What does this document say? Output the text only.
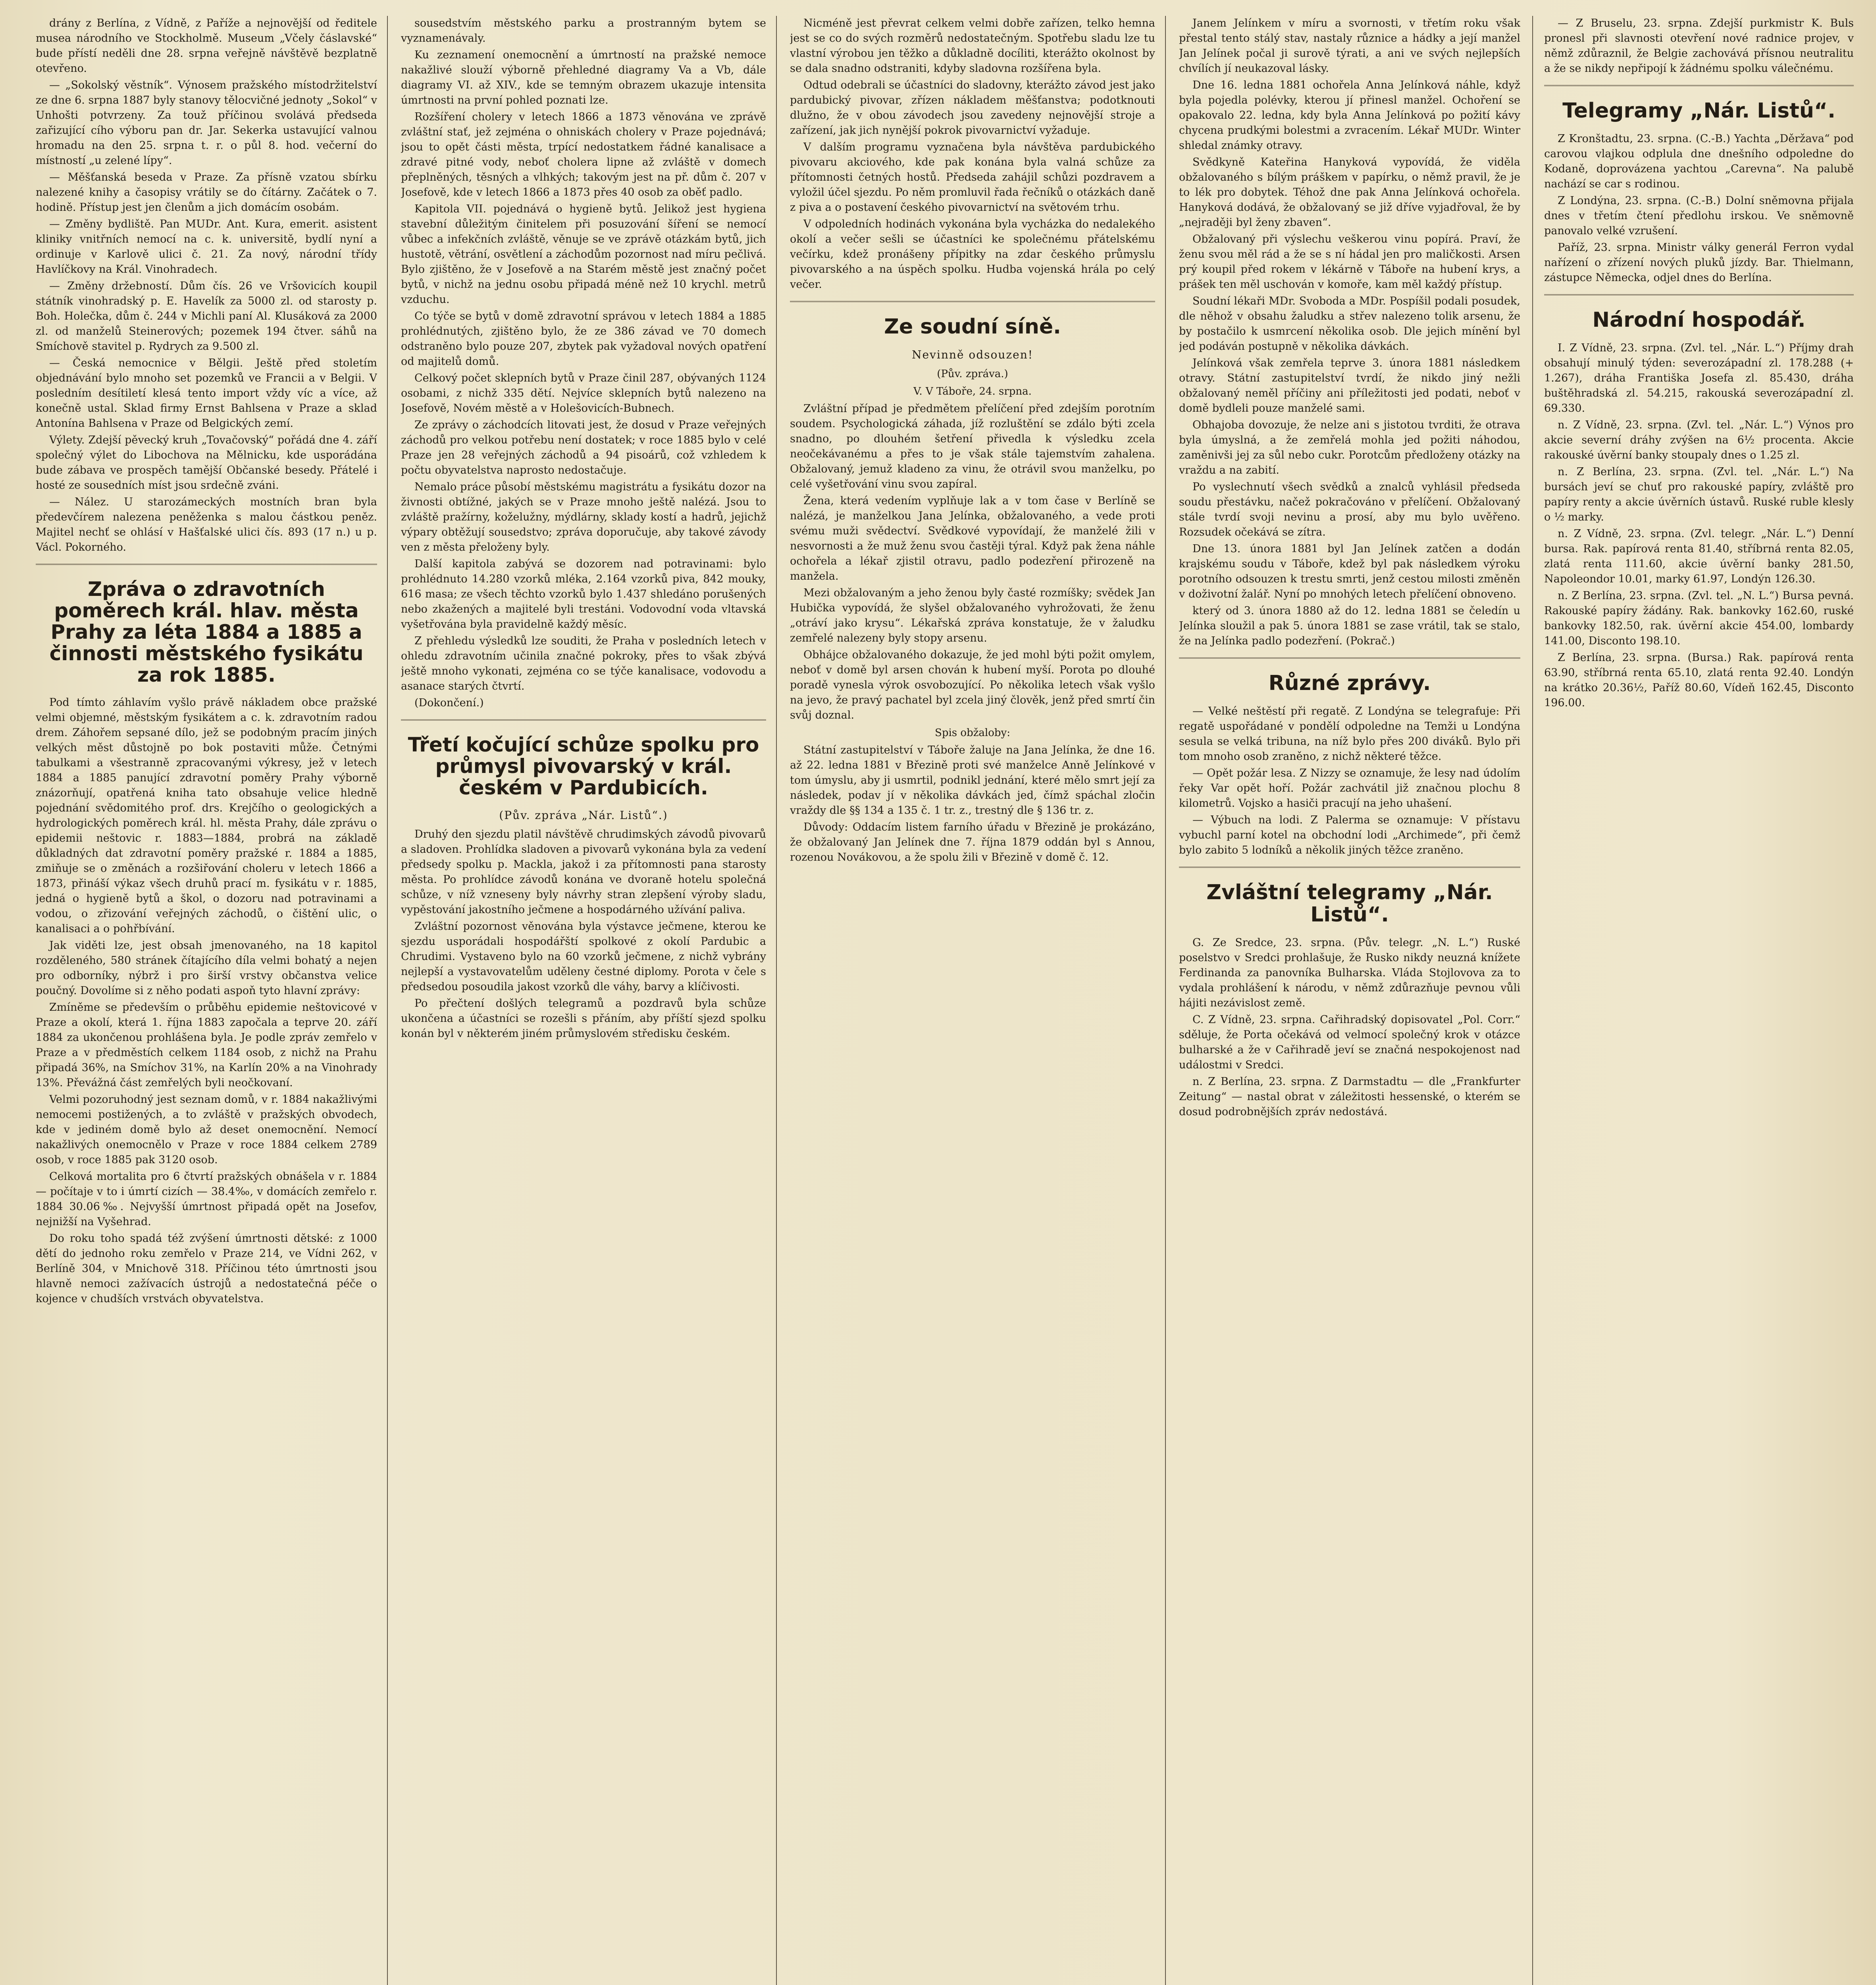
drány z Berlína, z Vídně, z Paříže a nejnovější od ředitele musea národního ve Stockholmě. Museum „Včely čáslavské“ bude přístí neděli dne 28. srpna veřejně návštěvě bezplatně otevřeno.

— „Sokolský věstník“. Výnosem pražského místodržitelství ze dne 6. srpna 1887 byly stanovy tělocvičné jednoty „Sokol“ v Unhošti potvrzeny. Za touž příčinou svolává předseda zařizující cího výboru pan dr. Jar. Sekerka ustavující valnou hromadu na den 25. srpna t. r. o půl 8. hod. večerní do místností „u zelené lípy“.

— Měšťanská beseda v Praze. Za přísně vzatou sbírku nalezené knihy a časopisy vrátily se do čítárny. Začátek o 7. hodině. Přístup jest jen členům a jich domácím osobám.

— Změny bydliště. Pan MUDr. Ant. Kura, emerit. asistent kliniky vnitřních nemocí na c. k. universitě, bydlí nyní a ordinuje v Karlově ulici č. 21. Za nový, národní třídy Havlíčkovy na Král. Vinohradech.

— Změny držebností. Dům čís. 26 ve Vršovicích koupil státník vinohradský p. E. Havelík za 5000 zl. od starosty p. Boh. Holečka, dům č. 244 v Michli paní Al. Klusáková za 2000 zl. od manželů Steinerových; pozemek 194 čtver. sáhů na Smíchově stavitel p. Rydrych za 9.500 zl.

— Česká nemocnice v Bělgii. Ještě před stoletím objednávání bylo mnoho set pozemků ve Francii a v Belgii. V posledním desítiletí klesá tento import vždy víc a více, až konečně ustal. Sklad firmy Ernst Bahlsena v Praze a sklad Antonína Bahlsena v Praze od Belgických zemí.

Výlety. Zdejší pěvecký kruh „Tovačovský“ pořádá dne 4. září společný výlet do Libochova na Mělnicku, kde usporádána bude zábava ve prospěch tamější Občanské besedy. Přátelé i hosté ze sousedních míst jsou srdečně zváni.

— Nález. U starozámeckých mostních bran byla předevčírem nalezena peněženka s malou částkou peněz. Majitel nechť se ohlásí v Hašťalské ulici čís. 893 (17 n.) u p. Václ. Pokorného.

Zpráva o zdravotních poměrech král. hlav. města Prahy za léta 1884 a 1885 a činnosti městského fysikátu za rok 1885.

Pod tímto záhlavím vyšlo právě nákladem obce pražské velmi objemné, městským fysikátem a c. k. zdravotním radou drem. Záhořem sepsané dílo, jež se podobným pracím jiných velkých měst důstojně po bok postaviti může. Četnými tabulkami a všestranně zpracovanými výkresy, jež v letech 1884 a 1885 panující zdravotní poměry Prahy výborně znázorňují, opatřená kniha tato obsahuje velice hledně pojednání svědomitého prof. drs. Krejčího o geologických a hydrologických poměrech král. hl. města Prahy, dále zprávu o epidemii neštovic r. 1883—1884, probrá na základě důkladných dat zdravotní poměry pražské r. 1884 a 1885, zmiňuje se o změnách a rozšiřování choleru v letech 1866 a 1873, přináší výkaz všech druhů prací m. fysikátu v r. 1885, jedná o hygieně bytů a škol, o dozoru nad potravinami a vodou, o zřizování veřejných záchodů, o čištění ulic, o kanalisaci a o pohřbívání.

Jak viděti lze, jest obsah jmenovaného, na 18 kapitol rozděleného, 580 stránek čítajícího díla velmi bohatý a nejen pro odborníky, nýbrž i pro širší vrstvy občanstva velice poučný. Dovolíme si z něho podati aspoň tyto hlavní zprávy:

Zmíněme se především o průběhu epidemie neštovicové v Praze a okolí, která 1. října 1883 započala a teprve 20. září 1884 za ukončenou prohlášena byla. Je podle zpráv zemřelo v Praze a v předměstích celkem 1184 osob, z nichž na Prahu připadá 36%, na Smíchov 31%, na Karlín 20% a na Vinohrady 13%. Převážná část zemřelých byli neočkovaní.

Velmi pozoruhodný jest seznam domů, v r. 1884 nakažlivými nemocemi postižených, a to zvláště v pražských obvodech, kde v jediném domě bylo až deset onemocnění. Nemocí nakažlivých onemocnělo v Praze v roce 1884 celkem 2789 osob, v roce 1885 pak 3120 osob.

Celková mortalita pro 6 čtvrtí pražských obnášela v r. 1884 — počítaje v to i úmrtí cizích — 38.4‰, v domácích zemřelo r. 1884 30.06‰. Nejvyšší úmrtnost připadá opět na Josefov, nejnižší na Vyšehrad.

Do roku toho spadá též zvýšení úmrtnosti dětské: z 1000 dětí do jednoho roku zemřelo v Praze 214, ve Vídni 262, v Berlíně 304, v Mnichově 318. Příčinou této úmrtnosti jsou hlavně nemoci zažívacích ústrojů a nedostatečná péče o kojence v chudších vrstvách obyvatelstva.

sousedstvím městského parku a prostranným bytem se vyznamenávaly.

Ku zeznamení onemocnění a úmrtností na pražské nemoce nakažlivé slouží výborně přehledné diagramy Va a Vb, dále diagramy VI. až XIV., kde se temným obrazem ukazuje intensita úmrtnosti na první pohled poznati lze.

Rozšíření cholery v letech 1866 a 1873 věnována ve zprávě zvláštní stať, jež zejména o ohniskách cholery v Praze pojednává; jsou to opět části města, trpící nedostatkem řádné kanalisace a zdravé pitné vody, neboť cholera lipne až zvláště v domech přeplněných, těsných a vlhkých; takovým jest na př. dům č. 207 v Josefově, kde v letech 1866 a 1873 přes 40 osob za oběť padlo.

Kapitola VII. pojednává o hygieně bytů. Jelikož jest hygiena stavební důležitým činitelem při posuzování šíření se nemocí vůbec a infekčních zvláště, věnuje se ve zprávě otázkám bytů, jich hustotě, větrání, osvětlení a záchodům pozornost nad míru pečlivá. Bylo zjištěno, že v Josefově a na Starém městě jest značný počet bytů, v nichž na jednu osobu připadá méně než 10 krychl. metrů vzduchu.

Co týče se bytů v domě zdravotní správou v letech 1884 a 1885 prohlédnutých, zjištěno bylo, že ze 386 závad ve 70 domech odstraněno bylo pouze 207, zbytek pak vyžadoval nových opatření od majitelů domů.

Celkový počet sklepních bytů v Praze činil 287, obývaných 1124 osobami, z nichž 335 dětí. Nejvíce sklepních bytů nalezeno na Josefově, Novém městě a v Holešovicích-Bubnech.

Ze zprávy o záchodcích litovati jest, že dosud v Praze veřejných záchodů pro velkou potřebu není dostatek; v roce 1885 bylo v celé Praze jen 28 veřejných záchodů a 94 pisoárů, což vzhledem k počtu obyvatelstva naprosto nedostačuje.

Nemalo práce působí městskému magistrátu a fysikátu dozor na živnosti obtížné, jakých se v Praze mnoho ještě nalézá. Jsou to zvláště pražírny, koželužny, mýdlárny, sklady kostí a hadrů, jejichž výpary obtěžují sousedstvo; zpráva doporučuje, aby takové závody ven z města přeloženy byly.

Další kapitola zabývá se dozorem nad potravinami: bylo prohlédnuto 14.280 vzorků mléka, 2.164 vzorků piva, 842 mouky, 616 masa; ze všech těchto vzorků bylo 1.437 shledáno porušených nebo zkažených a majitelé byli trestáni. Vodovodní voda vltavská vyšetřována byla pravidelně každý měsíc.

Z přehledu výsledků lze souditi, že Praha v posledních letech v ohledu zdravotním učinila značné pokroky, přes to však zbývá ještě mnoho vykonati, zejména co se týče kanalisace, vodovodu a asanace starých čtvrtí.

(Dokončení.)

Třetí kočující schůze spolku pro průmysl pivovarský v král. českém v Pardubicích.
(Pův. zpráva „Nár. Listů“.)

Druhý den sjezdu platil návštěvě chrudimských závodů pivovarů a sladoven. Prohlídka sladoven a pivovarů vykonána byla za vedení předsedy spolku p. Mackla, jakož i za přítomnosti pana starosty města. Po prohlídce závodů konána ve dvoraně hotelu společná schůze, v níž vzneseny byly návrhy stran zlepšení výroby sladu, vypěstování jakostního ječmene a hospodárného užívání paliva.

Zvláštní pozornost věnována byla výstavce ječmene, kterou ke sjezdu usporádali hospodářští spolkové z okolí Pardubic a Chrudimi. Vystaveno bylo na 60 vzorků ječmene, z nichž vybrány nejlepší a vystavovatelům uděleny čestné diplomy. Porota v čele s předsedou posoudila jakost vzorků dle váhy, barvy a klíčivosti.

Po přečtení došlých telegramů a pozdravů byla schůze ukončena a účastníci se rozešli s přáním, aby příští sjezd spolku konán byl v některém jiném průmyslovém středisku českém.

Nicméně jest převrat celkem velmi dobře zařízen, telko hemna jest se co do svých rozměrů nedostatečným. Spotřebu sladu lze tu vlastní výrobou jen těžko a důkladně docíliti, kterážto okolnost by se dala snadno odstraniti, kdyby sladovna rozšířena byla.

Odtud odebrali se účastníci do sladovny, kterážto závod jest jako pardubický pivovar, zřízen nákladem měšťanstva; podotknouti dlužno, že v obou závodech jsou zavedeny nejnovější stroje a zařízení, jak jich nynější pokrok pivovarnictví vyžaduje.

V dalším programu vyznačena byla návštěva pardubického pivovaru akciového, kde pak konána byla valná schůze za přítomnosti četných hostů. Předseda zahájil schůzi pozdravem a vyložil účel sjezdu. Po něm promluvil řada řečníků o otázkách daně z piva a o postavení českého pivovarnictví na světovém trhu.

V odpoledních hodinách vykonána byla vycházka do nedalekého okolí a večer sešli se účastníci ke společnému přátelskému večírku, kdež pronášeny přípitky na zdar českého průmyslu pivovarského a na úspěch spolku. Hudba vojenská hrála po celý večer.

Ze soudní síně.
Nevinně odsouzen!
(Pův. zpráva.)
V. V Táboře, 24. srpna.

Zvláštní případ je předmětem přelíčení před zdejším porotním soudem. Psychologická záhada, jíž rozluštění se zdálo býti zcela snadno, po dlouhém šetření přivedla k výsledku zcela neočekávanému a přes to je však stále tajemstvím zahalena. Obžalovaný, jemuž kladeno za vinu, že otrávil svou manželku, po celé vyšetřování vinu svou zapíral.

Žena, která vedením vyplňuje lak a v tom čase v Berlíně se nalézá, je manželkou Jana Jelínka, obžalovaného, a vede proti svému muži svědectví. Svědkové vypovídají, že manželé žili v nesvornosti a že muž ženu svou častěji týral. Když pak žena náhle ochořela a lékař zjistil otravu, padlo podezření přirozeně na manžela.

Mezi obžalovaným a jeho ženou byly časté rozmíšky; svědek Jan Hubička vypovídá, že slyšel obžalovaného vyhrožovati, že ženu „otráví jako krysu“. Lékařská zpráva konstatuje, že v žaludku zemřelé nalezeny byly stopy arsenu.

Obhájce obžalovaného dokazuje, že jed mohl býti požit omylem, neboť v domě byl arsen chován k hubení myší. Porota po dlouhé poradě vynesla výrok osvobozující. Po několika letech však vyšlo na jevo, že pravý pachatel byl zcela jiný člověk, jenž před smrtí čin svůj doznal.

Spis obžaloby:

Státní zastupitelství v Táboře žaluje na Jana Jelínka, že dne 16. až 22. ledna 1881 v Březině proti své manželce Anně Jelínkové v tom úmyslu, aby ji usmrtil, podnikl jednání, které mělo smrt její za následek, podav jí v několika dávkách jed, čímž spáchal zločin vraždy dle §§ 134 a 135 č. 1 tr. z., trestný dle § 136 tr. z.

Důvody: Oddacím listem farního úřadu v Březině je prokázáno, že obžalovaný Jan Jelínek dne 7. října 1879 oddán byl s Annou, rozenou Novákovou, a že spolu žili v Březině v domě č. 12.

Janem Jelínkem v míru a svornosti, v třetím roku však přestal tento stálý stav, nastaly různice a hádky a její manžel Jan Jelínek počal ji surově týrati, a ani ve svých nejlepších chvílích jí neukazoval lásky.

Dne 16. ledna 1881 ochořela Anna Jelínková náhle, když byla pojedla polévky, kterou jí přinesl manžel. Ochoření se opakovalo 22. ledna, kdy byla Anna Jelínková po požití kávy chycena prudkými bolestmi a zvracením. Lékař MUDr. Winter shledal známky otravy.

Svědkyně Kateřina Hanyková vypovídá, že viděla obžalovaného s bílým práškem v papírku, o němž pravil, že je to lék pro dobytek. Téhož dne pak Anna Jelínková ochořela. Hanyková dodává, že obžalovaný se již dříve vyjadřoval, že by „nejraději byl ženy zbaven“.

Obžalovaný při výslechu veškerou vinu popírá. Praví, že ženu svou měl rád a že se s ní hádal jen pro maličkosti. Arsen prý koupil před rokem v lékárně v Táboře na hubení krys, a prášek ten měl uschován v komoře, kam měl každý přístup.

Soudní lékaři MDr. Svoboda a MDr. Pospíšil podali posudek, dle něhož v obsahu žaludku a střev nalezeno tolik arsenu, že by postačilo k usmrcení několika osob. Dle jejich mínění byl jed podáván postupně v několika dávkách.

Jelínková však zemřela teprve 3. února 1881 následkem otravy. Státní zastupitelství tvrdí, že nikdo jiný nežli obžalovaný neměl příčiny ani příležitosti jed podati, neboť v domě bydleli pouze manželé sami.

Obhajoba dovozuje, že nelze ani s jistotou tvrditi, že otrava byla úmyslná, a že zemřelá mohla jed požiti náhodou, zaměnivši jej za sůl nebo cukr. Porotcům předloženy otázky na vraždu a na zabití.

Po vyslechnutí všech svědků a znalců vyhlásil předseda soudu přestávku, načež pokračováno v přelíčení. Obžalovaný stále tvrdí svoji nevinu a prosí, aby mu bylo uvěřeno. Rozsudek očekává se zítra.

Dne 13. února 1881 byl Jan Jelínek zatčen a dodán krajskému soudu v Táboře, kdež byl pak následkem výroku porotního odsouzen k trestu smrti, jenž cestou milosti změněn v doživotní žalář. Nyní po mnohých letech přelíčení obnoveno.

který od 3. února 1880 až do 12. ledna 1881 se čeledín u Jelínka sloužil a pak 5. února 1881 se zase vrátil, tak se stalo, že na Jelínka padlo podezření. (Pokrač.)

Různé zprávy.

— Velké neštěstí při regatě. Z Londýna se telegrafuje: Při regatě uspořádané v pondělí odpoledne na Temži u Londýna sesula se velká tribuna, na níž bylo přes 200 diváků. Bylo při tom mnoho osob zraněno, z nichž některé těžce.

— Opět požár lesa. Z Nizzy se oznamuje, že lesy nad údolím řeky Var opět hoří. Požár zachvátil již značnou plochu 8 kilometrů. Vojsko a hasiči pracují na jeho uhašení.

— Výbuch na lodi. Z Palerma se oznamuje: V přístavu vybuchl parní kotel na obchodní lodi „Archimede“, při čemž bylo zabito 5 lodníků a několik jiných těžce zraněno.

Zvláštní telegramy „Nár. Listů“.

G. Ze Sredce, 23. srpna. (Pův. telegr. „N. L.“) Ruské poselstvo v Sredci prohlašuje, že Rusko nikdy neuzná knížete Ferdinanda za panovníka Bulharska. Vláda Stojlovova za to vydala prohlášení k národu, v němž zdůrazňuje pevnou vůli hájiti nezávislost země.

C. Z Vídně, 23. srpna. Cařihradský dopisovatel „Pol. Corr.“ sděluje, že Porta očekává od velmocí společný krok v otázce bulharské a že v Cařihradě jeví se značná nespokojenost nad událostmi v Sredci.

n. Z Berlína, 23. srpna. Z Darmstadtu — dle „Frankfurter Zeitung“ — nastal obrat v záležitosti hessenské, o kterém se dosud podrobnějších zpráv nedostává.

— Z Bruselu, 23. srpna. Zdejší purkmistr K. Buls pronesl při slavnosti otevření nové radnice projev, v němž zdůraznil, že Belgie zachovává přísnou neutralitu a že se nikdy nepřipojí k žádnému spolku válečnému.

Telegramy „Nár. Listů“.

Z Kronštadtu, 23. srpna. (C.-B.) Yachta „Děržava“ pod carovou vlajkou odplula dne dnešního odpoledne do Kodaně, doprovázena yachtou „Carevna“. Na palubě nachází se car s rodinou.

Z Londýna, 23. srpna. (C.-B.) Dolní sněmovna přijala dnes v třetím čtení předlohu irskou. Ve sněmovně panovalo velké vzrušení.

Paříž, 23. srpna. Ministr války generál Ferron vydal nařízení o zřízení nových pluků jízdy. Bar. Thielmann, zástupce Německa, odjel dnes do Berlína.

Národní hospodář.

I. Z Vídně, 23. srpna. (Zvl. tel. „Nár. L.“) Příjmy drah obsahují minulý týden: severozápadní zl. 178.288 (+ 1.267), dráha Františka Josefa zl. 85.430, dráha buštěhradská zl. 54.215, rakouská severozápadní zl. 69.330.

n. Z Vídně, 23. srpna. (Zvl. tel. „Nár. L.“) Výnos pro akcie severní dráhy zvýšen na 6½ procenta. Akcie rakouské úvěrní banky stoupaly dnes o 1.25 zl.

n. Z Berlína, 23. srpna. (Zvl. tel. „Nár. L.“) Na bursách jeví se chuť pro rakouské papíry, zvláště pro papíry renty a akcie úvěrních ústavů. Ruské ruble klesly o ½ marky.

n. Z Vídně, 23. srpna. (Zvl. telegr. „Nár. L.“) Denní bursa. Rak. papírová renta 81.40, stříbrná renta 82.05, zlatá renta 111.60, akcie úvěrní banky 281.50, Napoleondor 10.01, marky 61.97, Londýn 126.30.

n. Z Berlína, 23. srpna. (Zvl. tel. „N. L.“) Bursa pevná. Rakouské papíry žádány. Rak. bankovky 162.60, ruské bankovky 182.50, rak. úvěrní akcie 454.00, lombardy 141.00, Disconto 198.10.

Z Berlína, 23. srpna. (Bursa.) Rak. papírová renta 63.90, stříbrná renta 65.10, zlatá renta 92.40. Londýn na krátko 20.36½, Paříž 80.60, Vídeň 162.45, Disconto 196.00.
